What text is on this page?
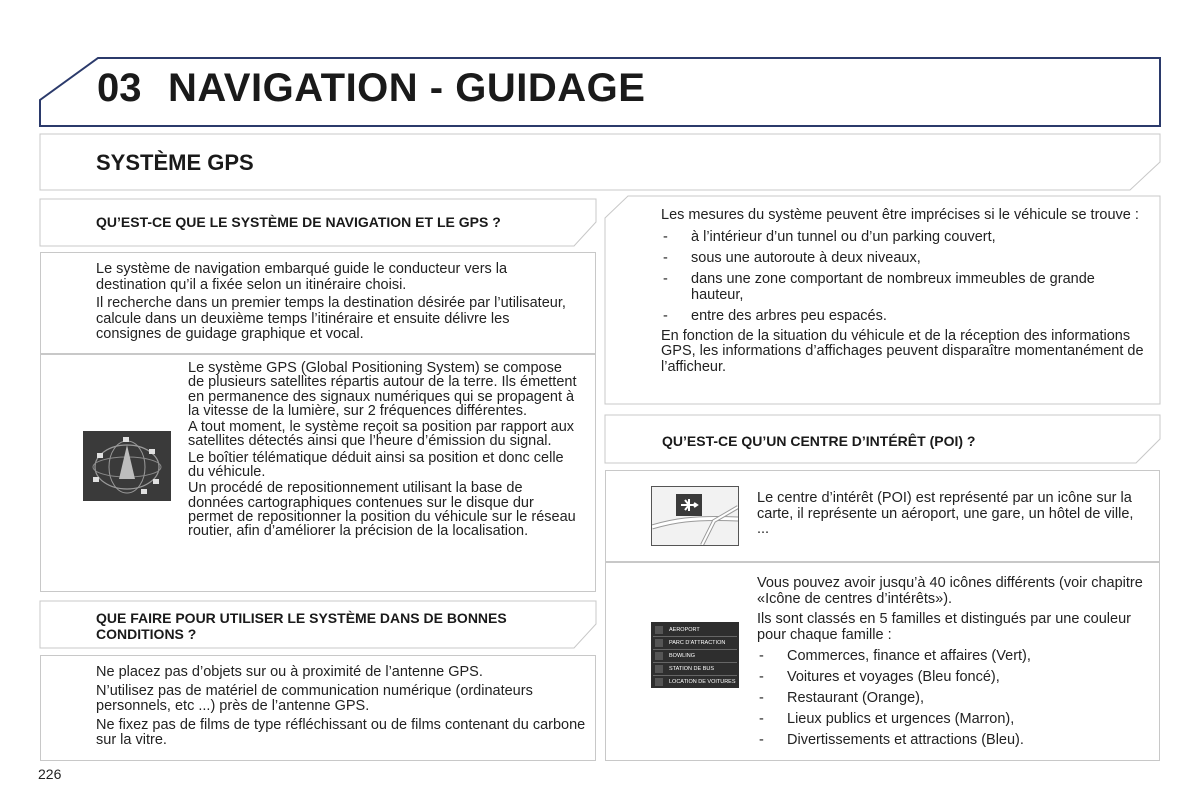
03 NAVIGATION - GUIDAGE
SYSTÈME GPS
QU’EST-CE QUE LE SYSTÈME DE NAVIGATION ET LE GPS ?

Le système de navigation embarqué guide le conducteur vers la destination qu’il a fixée selon un itinéraire choisi.

Il recherche dans un premier temps la destination désirée par l’utilisateur, calcule dans un deuxième temps l’itinéraire et ensuite délivre les consignes de guidage graphique et vocal.

Le système GPS (Global Positioning System) se compose de plusieurs satellites répartis autour de la terre. Ils émettent en permanence des signaux numériques qui se propagent à la vitesse de la lumière, sur 2 fréquences différentes.

A tout moment, le système reçoit sa position par rapport aux satellites détectés ainsi que l’heure d’émission du signal.

Le boîtier télématique déduit ainsi sa position et donc celle du véhicule.

Un procédé de repositionnement utilisant la base de données cartographiques contenues sur le disque dur permet de repositionner la position du véhicule sur le réseau routier, afin d’améliorer la précision de la localisation.

QUE FAIRE POUR UTILISER LE SYSTÈME DANS DE BONNES CONDITIONS ?

Ne placez pas d’objets sur ou à proximité de l’antenne GPS.

N’utilisez pas de matériel de communication numérique (ordinateurs personnels, etc ...) près de l’antenne GPS.

Ne fixez pas de films de type réfléchissant ou de films contenant du carbone sur la vitre.

Les mesures du système peuvent être imprécises si le véhicule se trouve :

- à l’intérieur d’un tunnel ou d’un parking couvert,
- sous une autoroute à deux niveaux,
- dans une zone comportant de nombreux immeubles de grande hauteur,
- entre des arbres peu espacés.

En fonction de la situation du véhicule et de la réception des informations GPS, les informations d’affichages peuvent disparaître momentanément de l’afficheur.

QU’EST-CE QU’UN CENTRE D’INTÉRÊT (POI) ?

Le centre d’intérêt (POI) est représenté par un icône sur la carte, il représente un aéroport, une gare, un hôtel de ville, ...

AEROPORT
PARC D’ATTRACTION
BOWLING
STATION DE BUS
LOCATION DE VOITURES

Vous pouvez avoir jusqu’à 40 icônes différents (voir chapitre «Icône de centres d’intérêts»).

Ils sont classés en 5 familles et distingués par une couleur pour chaque famille :

- Commerces, finance et affaires (Vert),
- Voitures et voyages (Bleu foncé),
- Restaurant (Orange),
- Lieux publics et urgences (Marron),
- Divertissements et attractions (Bleu).
226
